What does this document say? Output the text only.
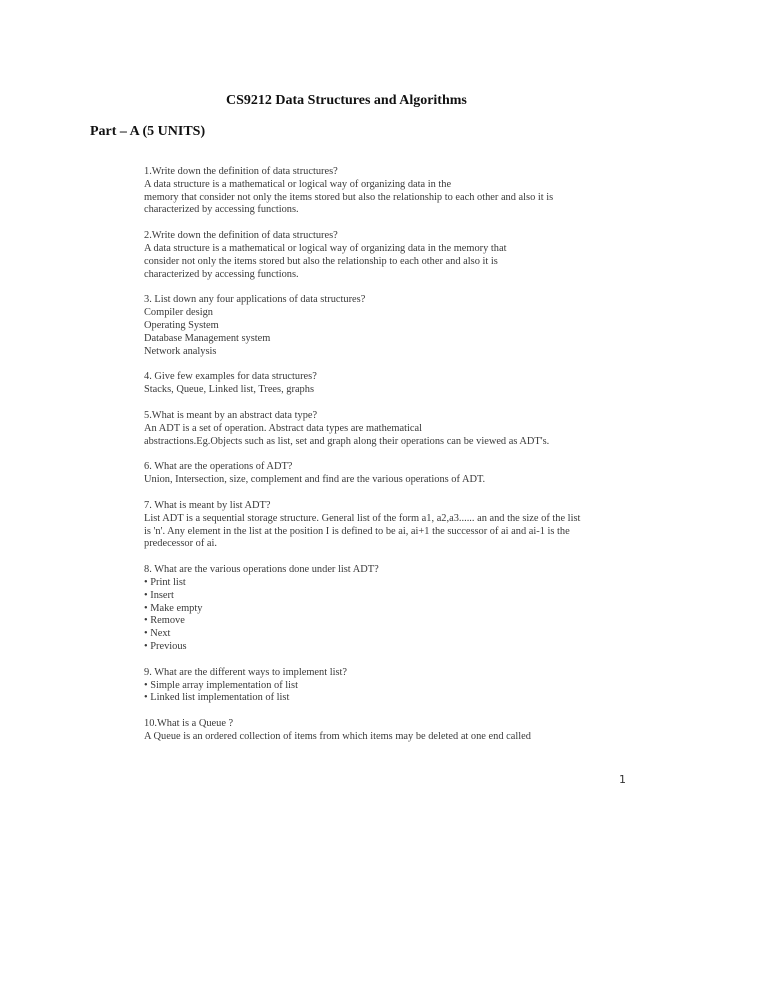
CS9212 Data Structures and Algorithms
Part – A (5 UNITS)
1.Write down the definition of data structures?
A data structure is a mathematical or logical way of organizing data in the
memory that consider not only the items stored but also the relationship to each other and also it is
characterized by accessing functions.
2.Write down the definition of data structures?
A data structure is a mathematical or logical way of organizing data in the memory that
consider not only the items stored but also the relationship to each other and also it is
characterized by accessing functions.
3. List down any four applications of data structures?
Compiler design
Operating System
Database Management system
Network analysis
4. Give few examples for data structures?
Stacks, Queue, Linked list, Trees, graphs
5.What is meant by an abstract data type?
An ADT is a set of operation. Abstract data types are mathematical
abstractions.Eg.Objects such as list, set and graph along their operations can be viewed as ADT's.
6. What are the operations of ADT?
Union, Intersection, size, complement and find are the various operations of ADT.
7. What is meant by list ADT?
List ADT is a sequential storage structure. General list of the form a1, a2,a3...... an and the size of the list
is 'n'. Any element in the list at the position I is defined to be ai, ai+1 the successor of ai and ai-1 is the
predecessor of ai.
8. What are the various operations done under list ADT?
• Print list
• Insert
• Make empty
• Remove
• Next
• Previous
9. What are the different ways to implement list?
• Simple array implementation of list
• Linked list implementation of list
10.What is a Queue ?
A Queue is an ordered collection of items from which items may be deleted at one end called
1
